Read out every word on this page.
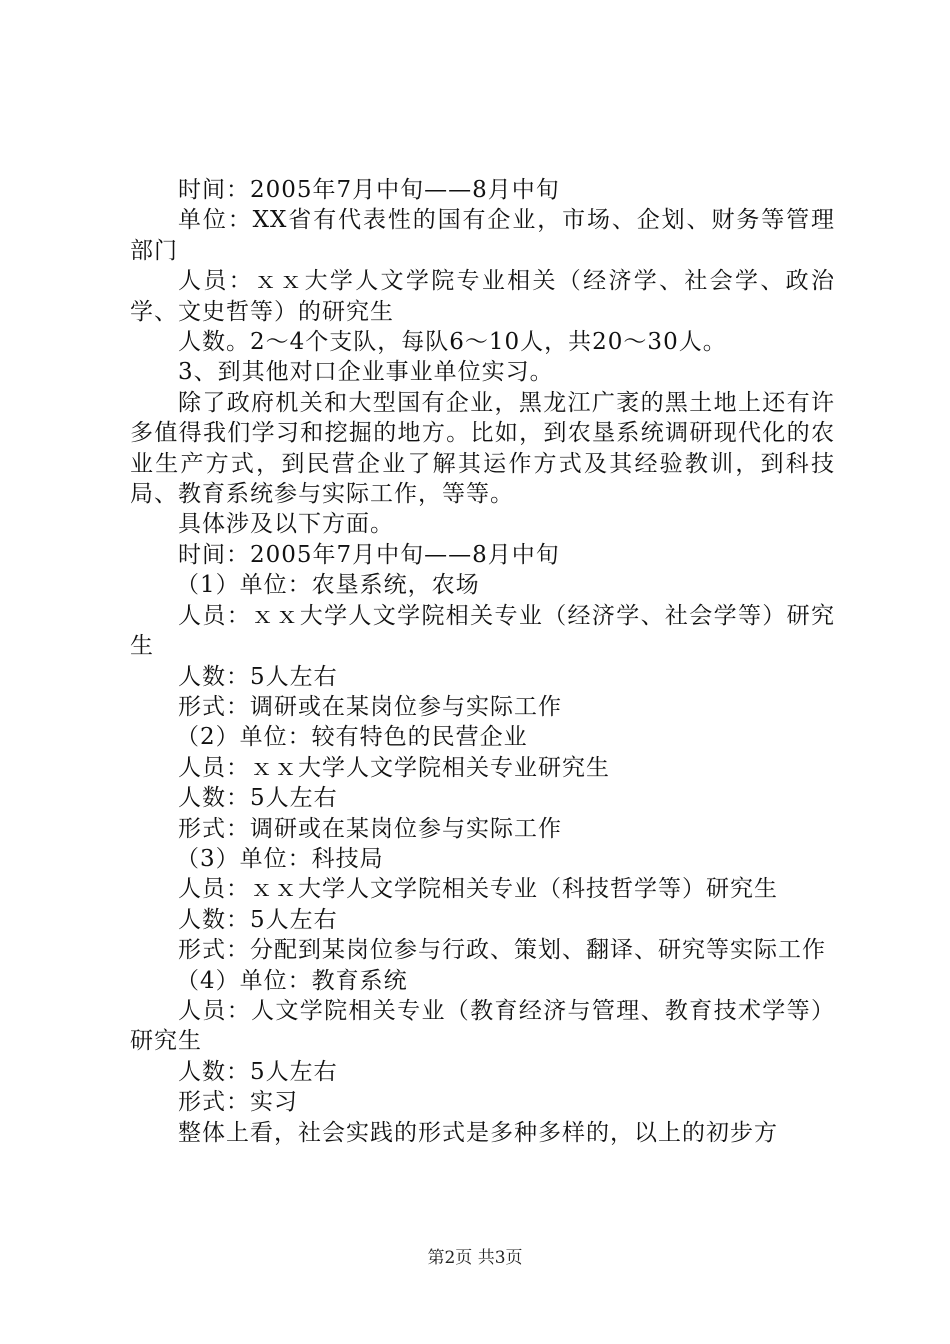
时间：2005年7月中旬——8月中旬

单位：XX省有代表性的国有企业，市场、企划、财务等管理部门

人员：ｘｘ大学人文学院专业相关（经济学、社会学、政治学、文史哲等）的研究生

人数。2～4个支队，每队6～10人，共20～30人。

3、到其他对口企业事业单位实习。

除了政府机关和大型国有企业，黑龙江广袤的黑土地上还有许多值得我们学习和挖掘的地方。比如，到农垦系统调研现代化的农业生产方式，到民营企业了解其运作方式及其经验教训，到科技局、教育系统参与实际工作，等等。

具体涉及以下方面。

时间：2005年7月中旬——8月中旬

（1）单位：农垦系统，农场

人员：ｘｘ大学人文学院相关专业（经济学、社会学等）研究生

人数：5人左右

形式：调研或在某岗位参与实际工作

（2）单位：较有特色的民营企业

人员：ｘｘ大学人文学院相关专业研究生

人数：5人左右

形式：调研或在某岗位参与实际工作

（3）单位：科技局

人员：ｘｘ大学人文学院相关专业（科技哲学等）研究生

人数：5人左右

形式：分配到某岗位参与行政、策划、翻译、研究等实际工作

（4）单位：教育系统

人员：人文学院相关专业（教育经济与管理、教育技术学等）研究生

人数：5人左右

形式：实习

整体上看，社会实践的形式是多种多样的，以上的初步方

第2页 共3页
